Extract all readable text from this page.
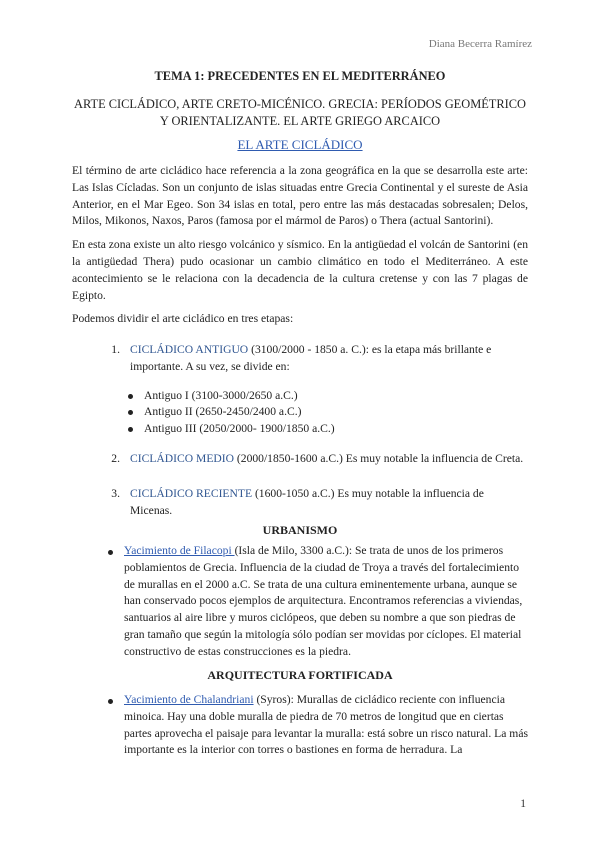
Diana Becerra Ramírez
TEMA 1: PRECEDENTES EN EL MEDITERRÁNEO
ARTE CICLÁDICO, ARTE CRETO-MICÉNICO. GRECIA: PERÍODOS GEOMÉTRICO Y ORIENTALIZANTE. EL ARTE GRIEGO ARCAICO
EL ARTE CICLÁDICO

El término de arte cicládico hace referencia a la zona geográfica en la que se desarrolla este arte: Las Islas Cícladas. Son un conjunto de islas situadas entre Grecia Continental y el sureste de Asia Anterior, en el Mar Egeo. Son 34 islas en total, pero entre las más destacadas sobresalen; Delos, Milos, Mikonos, Naxos, Paros (famosa por el mármol de Paros) o Thera (actual Santorini).

En esta zona existe un alto riesgo volcánico y sísmico. En la antigüedad el volcán de Santorini (en la antigüedad Thera) pudo ocasionar un cambio climático en todo el Mediterráneo. A este acontecimiento se le relaciona con la decadencia de la cultura cretense y con las 7 plagas de Egipto.

Podemos dividir el arte cicládico en tres etapas:

1. CICLÁDICO ANTIGUO (3100/2000 - 1850 a. C.): es la etapa más brillante e importante. A su vez, se divide en:
Antiguo I (3100-3000/2650 a.C.)
Antiguo II (2650-2450/2400 a.C.)
Antiguo III (2050/2000- 1900/1850 a.C.)
2. CICLÁDICO MEDIO (2000/1850-1600 a.C.) Es muy notable la influencia de Creta.
3. CICLÁDICO RECIENTE (1600-1050 a.C.) Es muy notable la influencia de Micenas.
URBANISMO
Yacimiento de Filacopi (Isla de Milo, 3300 a.C.): Se trata de unos de los primeros poblamientos de Grecia. Influencia de la ciudad de Troya a través del fortalecimiento de murallas en el 2000 a.C. Se trata de una cultura eminentemente urbana, aunque se han conservado pocos ejemplos de arquitectura. Encontramos referencias a viviendas, santuarios al aire libre y muros ciclópeos, que deben su nombre a que son piedras de gran tamaño que según la mitología sólo podían ser movidas por cíclopes. El material constructivo de estas construcciones es la piedra.
ARQUITECTURA FORTIFICADA
Yacimiento de Chalandriani (Syros): Murallas de cicládico reciente con influencia minoica. Hay una doble muralla de piedra de 70 metros de longitud que en ciertas partes aprovecha el paisaje para levantar la muralla: está sobre un risco natural. La más importante es la interior con torres o bastiones en forma de herradura. La
1
